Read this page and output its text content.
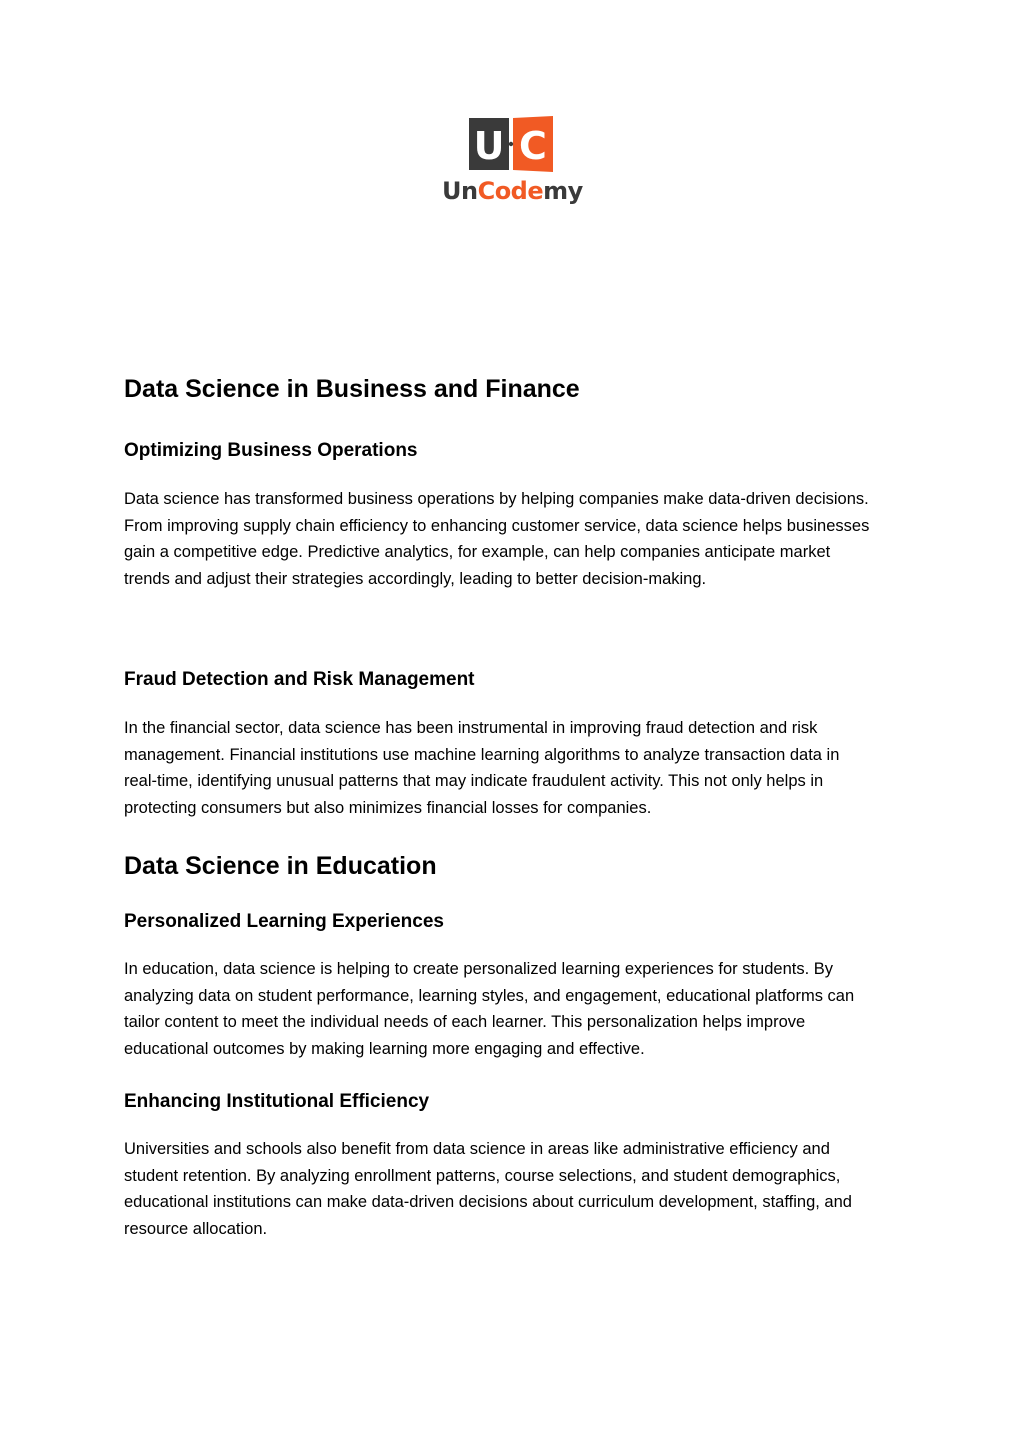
U C
UnCodemy
Data Science in Business and Finance
Optimizing Business Operations
Data science has transformed business operations by helping companies make data-driven decisions.
From improving supply chain efficiency to enhancing customer service, data science helps businesses
gain a competitive edge. Predictive analytics, for example, can help companies anticipate market
trends and adjust their strategies accordingly, leading to better decision-making.
Fraud Detection and Risk Management
In the financial sector, data science has been instrumental in improving fraud detection and risk
management. Financial institutions use machine learning algorithms to analyze transaction data in
real-time, identifying unusual patterns that may indicate fraudulent activity. This not only helps in
protecting consumers but also minimizes financial losses for companies.
Data Science in Education
Personalized Learning Experiences
In education, data science is helping to create personalized learning experiences for students. By
analyzing data on student performance, learning styles, and engagement, educational platforms can
tailor content to meet the individual needs of each learner. This personalization helps improve
educational outcomes by making learning more engaging and effective.
Enhancing Institutional Efficiency
Universities and schools also benefit from data science in areas like administrative efficiency and
student retention. By analyzing enrollment patterns, course selections, and student demographics,
educational institutions can make data-driven decisions about curriculum development, staffing, and
resource allocation.
